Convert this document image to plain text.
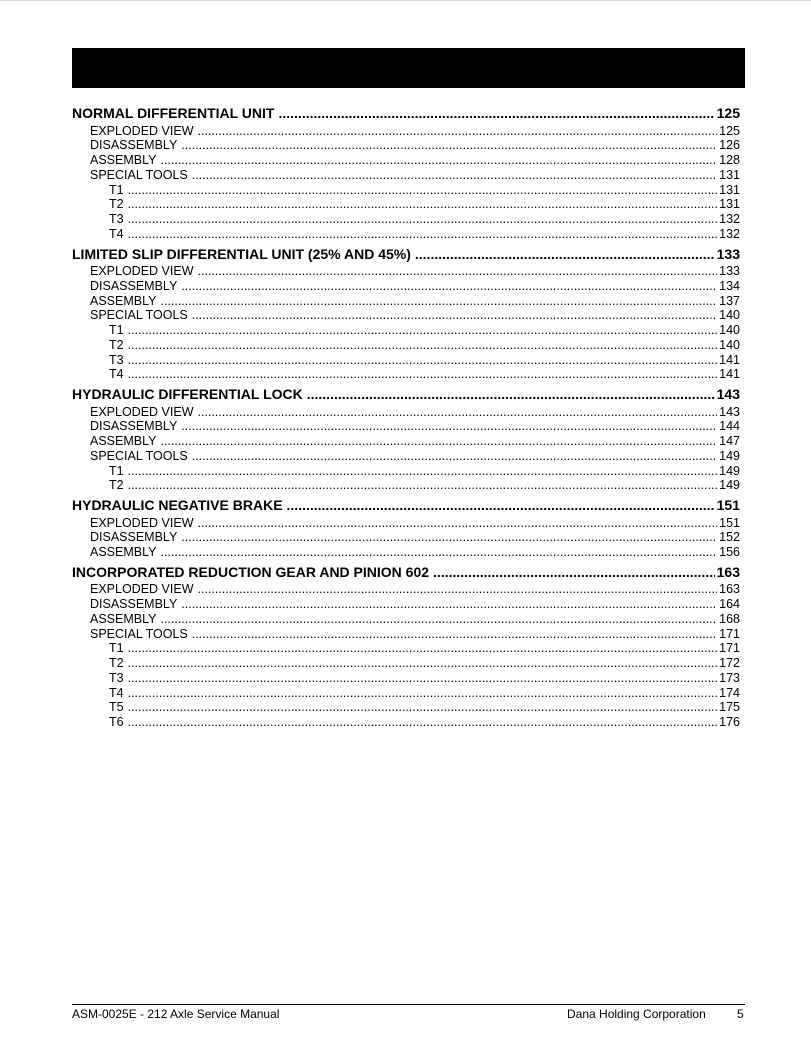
NORMAL DIFFERENTIAL UNIT .....	125
EXPLODED VIEW .....	125
DISASSEMBLY .....	126
ASSEMBLY .....	128
SPECIAL TOOLS .....	131
T1 .....	131
T2 .....	131
T3 .....	132
T4 .....	132
LIMITED SLIP DIFFERENTIAL UNIT (25% AND 45%) .....	133
EXPLODED VIEW .....	133
DISASSEMBLY .....	134
ASSEMBLY .....	137
SPECIAL TOOLS .....	140
T1 .....	140
T2 .....	140
T3 .....	141
T4 .....	141
HYDRAULIC DIFFERENTIAL LOCK .....	143
EXPLODED VIEW .....	143
DISASSEMBLY .....	144
ASSEMBLY .....	147
SPECIAL TOOLS .....	149
T1 .....	149
T2 .....	149
HYDRAULIC NEGATIVE BRAKE .....	151
EXPLODED VIEW .....	151
DISASSEMBLY .....	152
ASSEMBLY .....	156
INCORPORATED REDUCTION GEAR AND PINION 602 .....	163
EXPLODED VIEW .....	163
DISASSEMBLY .....	164
ASSEMBLY .....	168
SPECIAL TOOLS .....	171
T1 .....	171
T2 .....	172
T3 .....	173
T4 .....	174
T5 .....	175
T6 .....	176
ASM-0025E - 212 Axle Service Manual	Dana Holding Corporation	5
